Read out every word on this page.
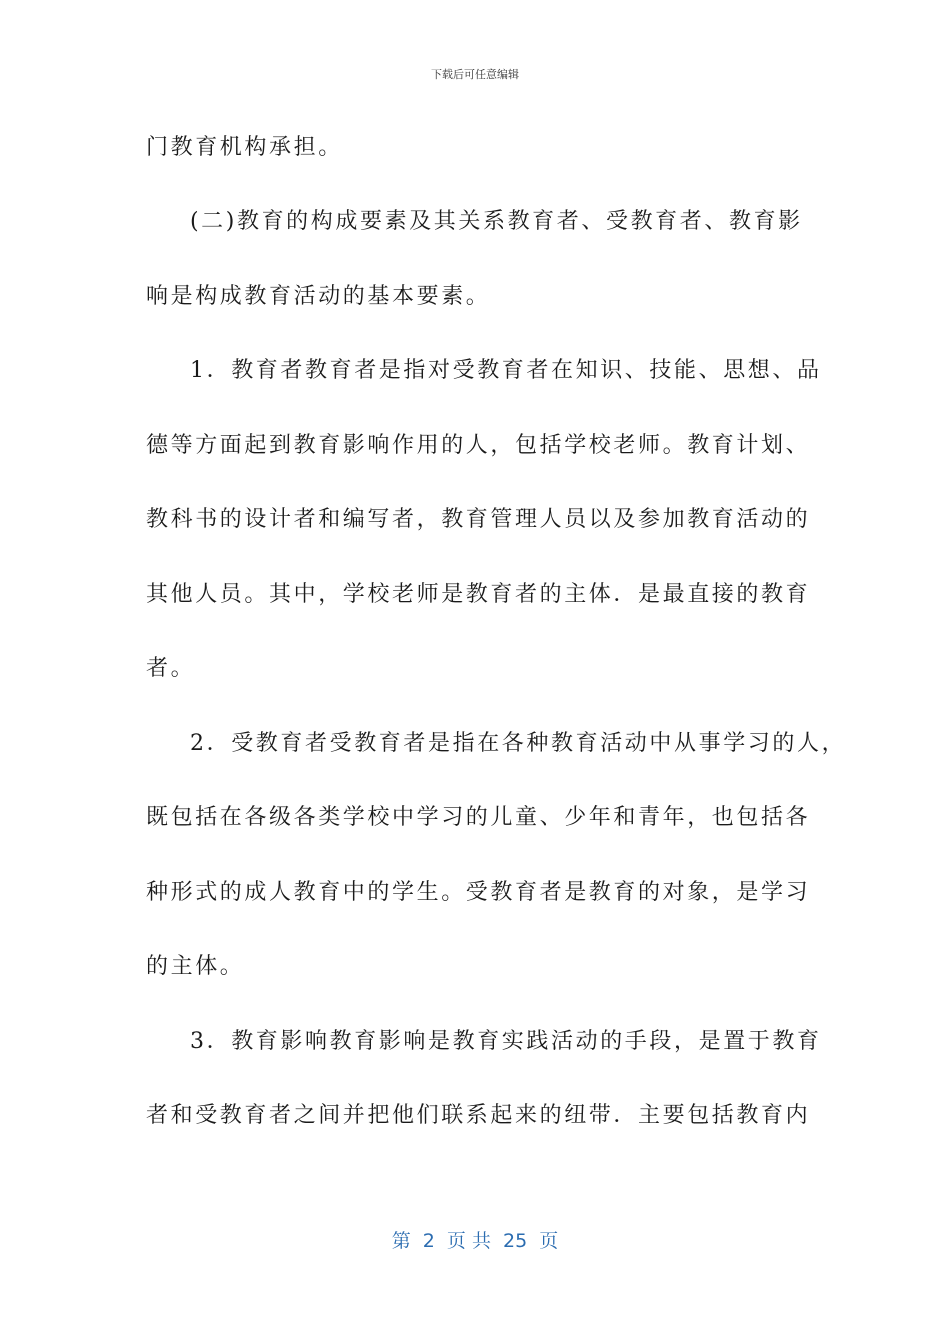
下载后可任意编辑
门教育机构承担。
(二)教育的构成要素及其关系教育者、受教育者、教育影
响是构成教育活动的基本要素。
1．教育者教育者是指对受教育者在知识、技能、思想、品
德等方面起到教育影响作用的人，包括学校老师。教育计划、
教科书的设计者和编写者，教育管理人员以及参加教育活动的
其他人员。其中，学校老师是教育者的主体．是最直接的教育
者。
2．受教育者受教育者是指在各种教育活动中从事学习的人，
既包括在各级各类学校中学习的儿童、少年和青年，也包括各
种形式的成人教育中的学生。受教育者是教育的对象，是学习
的主体。
3．教育影响教育影响是教育实践活动的手段，是置于教育
者和受教育者之间并把他们联系起来的纽带．主要包括教育内
第  2  页 共  25  页
